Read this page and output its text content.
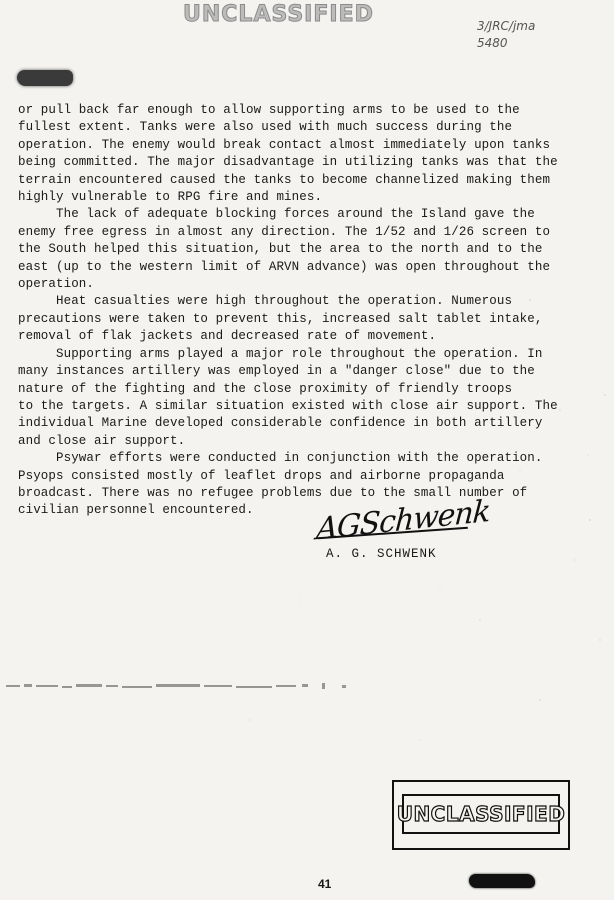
UNCLASSIFIED	3/JRC/jma
5480

or pull back far enough to allow supporting arms to be used to the

fullest extent. Tanks were also used with much success during the

operation. The enemy would break contact almost immediately upon tanks

being committed. The major disadvantage in utilizing tanks was that the

terrain encountered caused the tanks to become channelized making them

highly vulnerable to RPG fire and mines.

The lack of adequate blocking forces around the Island gave the

enemy free egress in almost any direction. The 1/52 and 1/26 screen to

the South helped this situation, but the area to the north and to the

east (up to the western limit of ARVN advance) was open throughout the

operation.

Heat casualties were high throughout the operation. Numerous

precautions were taken to prevent this, increased salt tablet intake,

removal of flak jackets and decreased rate of movement.

Supporting arms played a major role throughout the operation. In

many instances artillery was employed in a "danger close" due to the

nature of the fighting and the close proximity of friendly troops

to the targets. A similar situation existed with close air support. The

individual Marine developed considerable confidence in both artillery

and close air support.

Psywar efforts were conducted in conjunction with the operation.

Psyops consisted mostly of leaflet drops and airborne propaganda

broadcast. There was no refugee problems due to the small number of

civilian personnel encountered.	AGSchwenk
A. G. SCHWENK
UNCLASSIFIED
41
